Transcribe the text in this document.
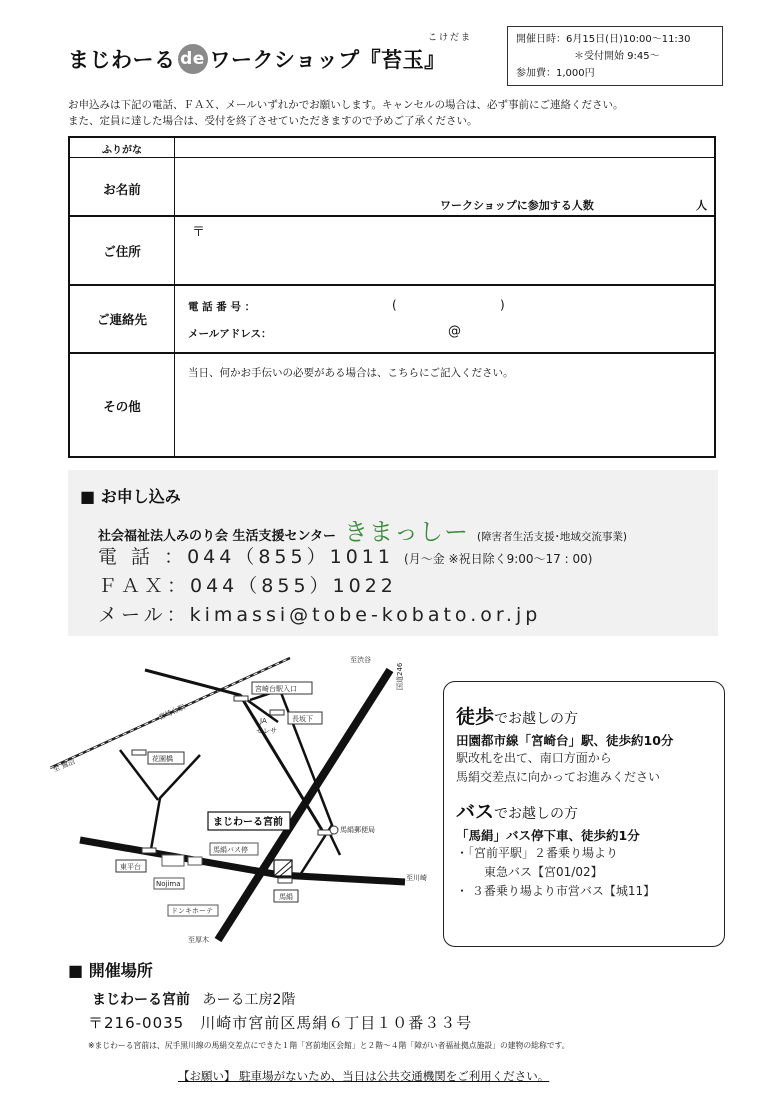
こけだま
まじわーる de ワークショップ『苔玉』
開催日時：6月15日(日)10:00～11:30
＊受付開始 9:45～
参加費：1,000円
お申込みは下記の電話、ＦＡＸ、メールいずれかでお願いします。キャンセルの場合は、必ず事前にご連絡ください。
また、定員に達した場合は、受付を終了させていただきますので予めご了承ください。
ふりがな
お名前
ワークショップに参加する人数	人
ご住所
〒
ご連絡先
電 話 番 号 ：	(	)
メールアドレス：	@
その他
当日、何かお手伝いの必要がある場合は、こちらにご記入ください。
■ お申し込み
社会福祉法人みのり会 生活支援センター きまっしー (障害者生活支援･地域交流事業)
電 話 ：044（855）1011 (月～金 ※祝日除く9:00～17 : 00)
ＦＡＸ：044（855）1022
メール：kimassi@tobe-kobato.or.jp
至渋谷
国道246
宮崎台駅入口
長坂下
JA
セレサ
宮崎台駅
至 鷺沼	花園橋
まじわーる宮前
馬絹郵便局
馬絹バス停
東平台
Nojima
ドンキホーテ
馬絹
至川崎
至厚木
徒歩でお越しの方
田園都市線「宮崎台」駅、徒歩約10分
駅改札を出て、南口方面から
馬絹交差点に向かってお進みください
バスでお越しの方
「馬絹」バス停下車、徒歩約1分
・「宮前平駅」２番乗り場より
東急バス【宮01/02】
・ ３番乗り場より市営バス【城11】
■ 開催場所
まじわーる宮前 あーる工房2階
〒216-0035　川崎市宮前区馬絹６丁目１０番３３号
※まじわーる宮前は、尻手黒川線の馬絹交差点にできた１階「宮前地区会館」と２階～４階「障がい者福祉拠点施設」の建物の総称です。
【お願い】 駐車場がないため、当日は公共交通機関をご利用ください。
